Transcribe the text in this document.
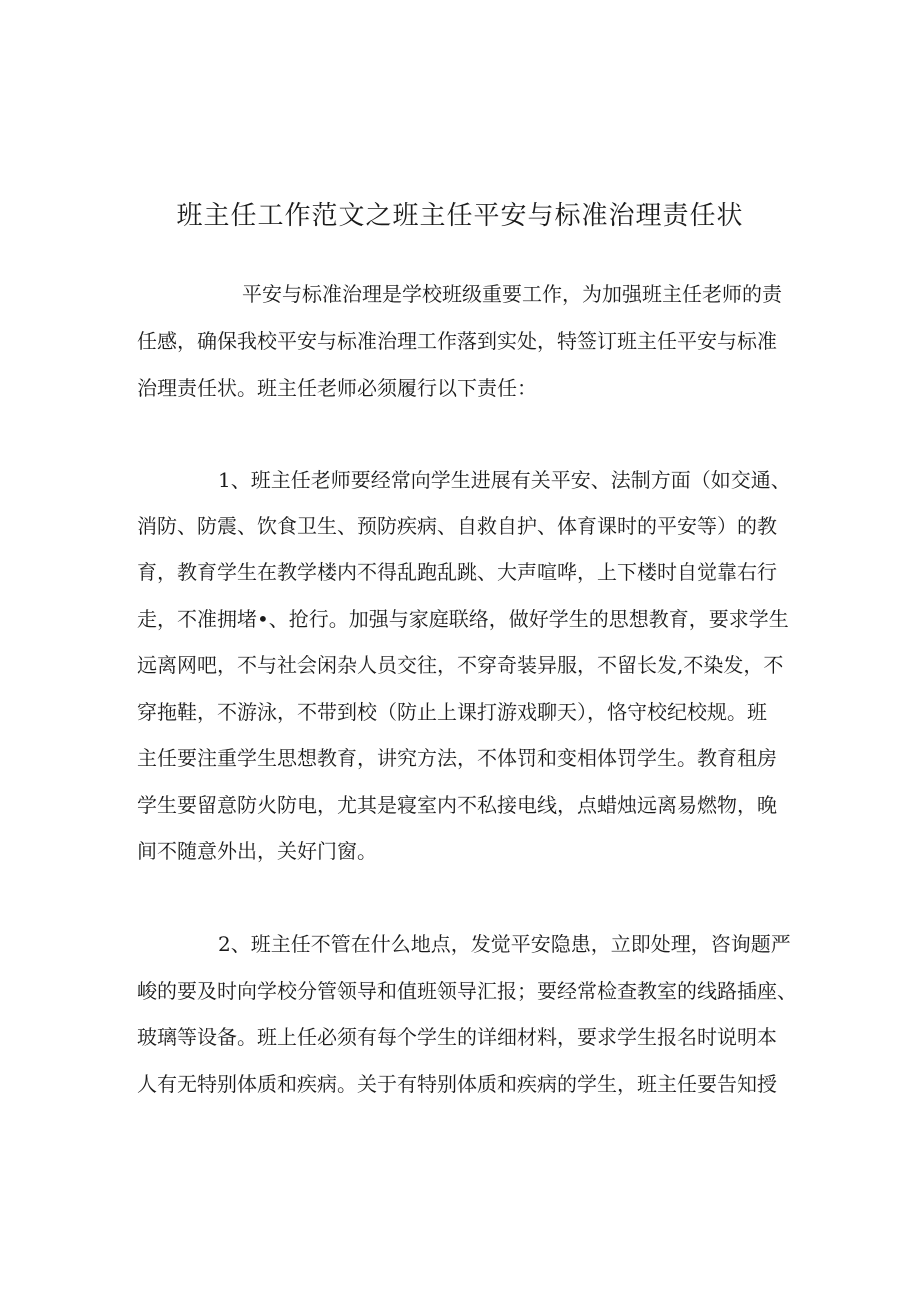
班主任工作范文之班主任平安与标准治理责任状
平安与标准治理是学校班级重要工作，为加强班主任老师的责
任感，确保我校平安与标准治理工作落到实处，特签订班主任平安与标准
治理责任状。班主任老师必须履行以下责任：
1、班主任老师要经常向学生进展有关平安、法制方面（如交通、
消防、防震、饮食卫生、预防疾病、自救自护、体育课时的平安等）的教
育，教育学生在教学楼内不得乱跑乱跳、大声喧哗，上下楼时自觉靠右行
走，不准拥堵•、抢行。加强与家庭联络，做好学生的思想教育，要求学生
远离网吧，不与社会闲杂人员交往，不穿奇装异服，不留长发,不染发，不
穿拖鞋，不游泳，不带到校（防止上课打游戏聊天），恪守校纪校规。班
主任要注重学生思想教育，讲究方法，不体罚和变相体罚学生。教育租房
学生要留意防火防电，尤其是寝室内不私接电线，点蜡烛远离易燃物，晚
间不随意外出，关好门窗。
2、班主任不管在什么地点，发觉平安隐患，立即处理，咨询题严
峻的要及时向学校分管领导和值班领导汇报；要经常检查教室的线路插座、
玻璃等设备。班上任必须有每个学生的详细材料，要求学生报名时说明本
人有无特别体质和疾病。关于有特别体质和疾病的学生，班主任要告知授
